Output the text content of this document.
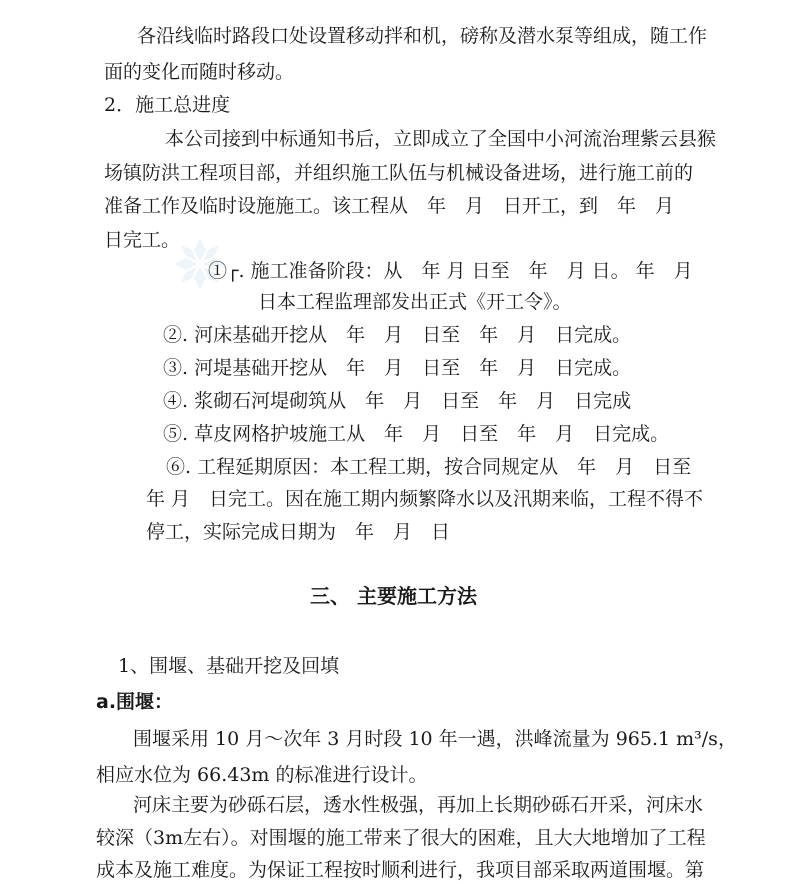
各沿线临时路段口处设置移动拌和机，磅称及潜水泵等组成，随工作
面的变化而随时移动。
2．施工总进度
本公司接到中标通知书后，立即成立了全国中小河流治理紫云县猴
场镇防洪工程项目部，并组织施工队伍与机械设备进场，进行施工前的
准备工作及临时设施施工。该工程从　年　月　日开工，到　年　月
日完工。
①┌. 施工准备阶段：从　年 月 日至　年　月 日。 年　月
日本工程监理部发出正式《开工令》。
②. 河床基础开挖从　年　月　日至　年　月　日完成。
③. 河堤基础开挖从　年　月　日至　年　月　日完成。
④. 浆砌石河堤砌筑从　年　月　日至　年　月　日完成
⑤. 草皮网格护坡施工从　年　月　日至　年　月　日完成。
⑥. 工程延期原因：本工程工期，按合同规定从　年　月　日至
年 月　日完工。因在施工期内频繁降水以及汛期来临，工程不得不
停工，实际完成日期为　年　月　日
三、 主要施工方法
1、围堰、基础开挖及回填
a.围堰：
围堰采用 10 月～次年 3 月时段 10 年一遇，洪峰流量为 965.1 m³/s，
相应水位为 66.43m 的标准进行设计。
河床主要为砂砾石层，透水性极强，再加上长期砂砾石开采，河床水
较深（3m左右）。对围堰的施工带来了很大的困难，且大大地增加了工程
成本及施工难度。为保证工程按时顺利进行，我项目部采取两道围堰。第
